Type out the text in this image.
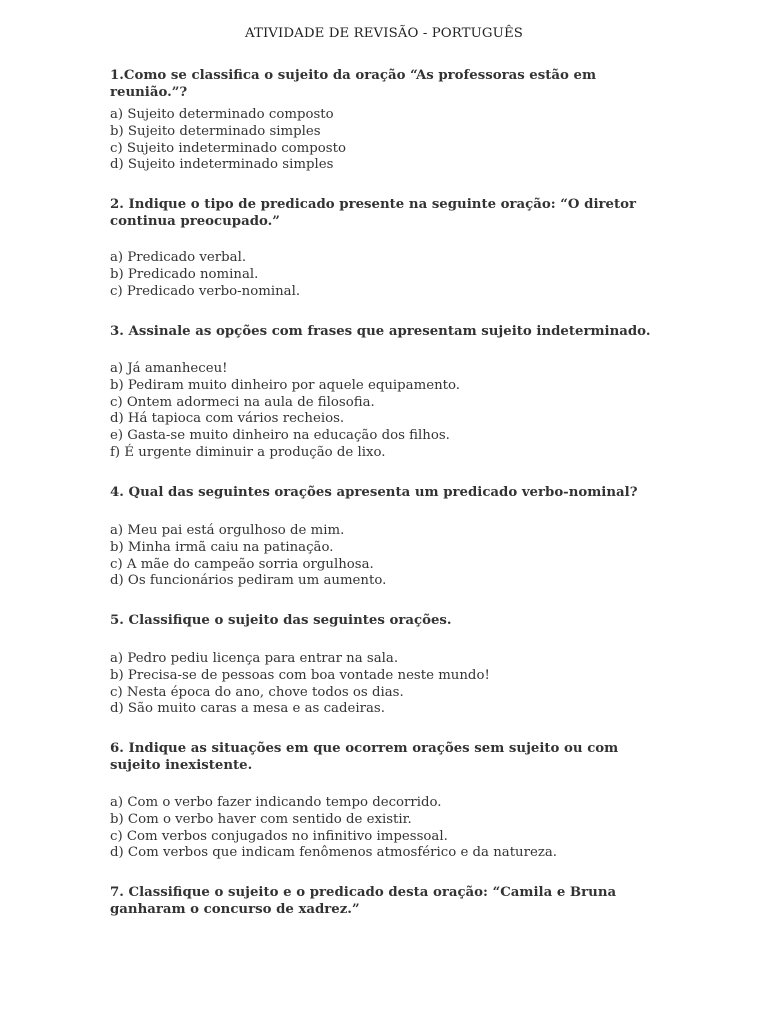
ATIVIDADE DE REVISÃO - PORTUGUÊS
1.Como se classifica o sujeito da oração “As professoras estão em reunião.”?
a) Sujeito determinado composto
b) Sujeito determinado simples
c) Sujeito indeterminado composto
d) Sujeito indeterminado simples
2. Indique o tipo de predicado presente na seguinte oração: “O diretor continua preocupado.”
a) Predicado verbal.
b) Predicado nominal.
c) Predicado verbo-nominal.
3. Assinale as opções com frases que apresentam sujeito indeterminado.
a) Já amanheceu!
b) Pediram muito dinheiro por aquele equipamento.
c) Ontem adormeci na aula de filosofia.
d) Há tapioca com vários recheios.
e) Gasta-se muito dinheiro na educação dos filhos.
f) É urgente diminuir a produção de lixo.
4. Qual das seguintes orações apresenta um predicado verbo-nominal?
a) Meu pai está orgulhoso de mim.
b) Minha irmã caiu na patinação.
c) A mãe do campeão sorria orgulhosa.
d) Os funcionários pediram um aumento.
5. Classifique o sujeito das seguintes orações.
a) Pedro pediu licença para entrar na sala.
b) Precisa-se de pessoas com boa vontade neste mundo!
c) Nesta época do ano, chove todos os dias.
d) São muito caras a mesa e as cadeiras.
6. Indique as situações em que ocorrem orações sem sujeito ou com sujeito inexistente.
a) Com o verbo fazer indicando tempo decorrido.
b) Com o verbo haver com sentido de existir.
c) Com verbos conjugados no infinitivo impessoal.
d) Com verbos que indicam fenômenos atmosférico e da natureza.
7. Classifique o sujeito e o predicado desta oração: “Camila e Bruna ganharam o concurso de xadrez.”
